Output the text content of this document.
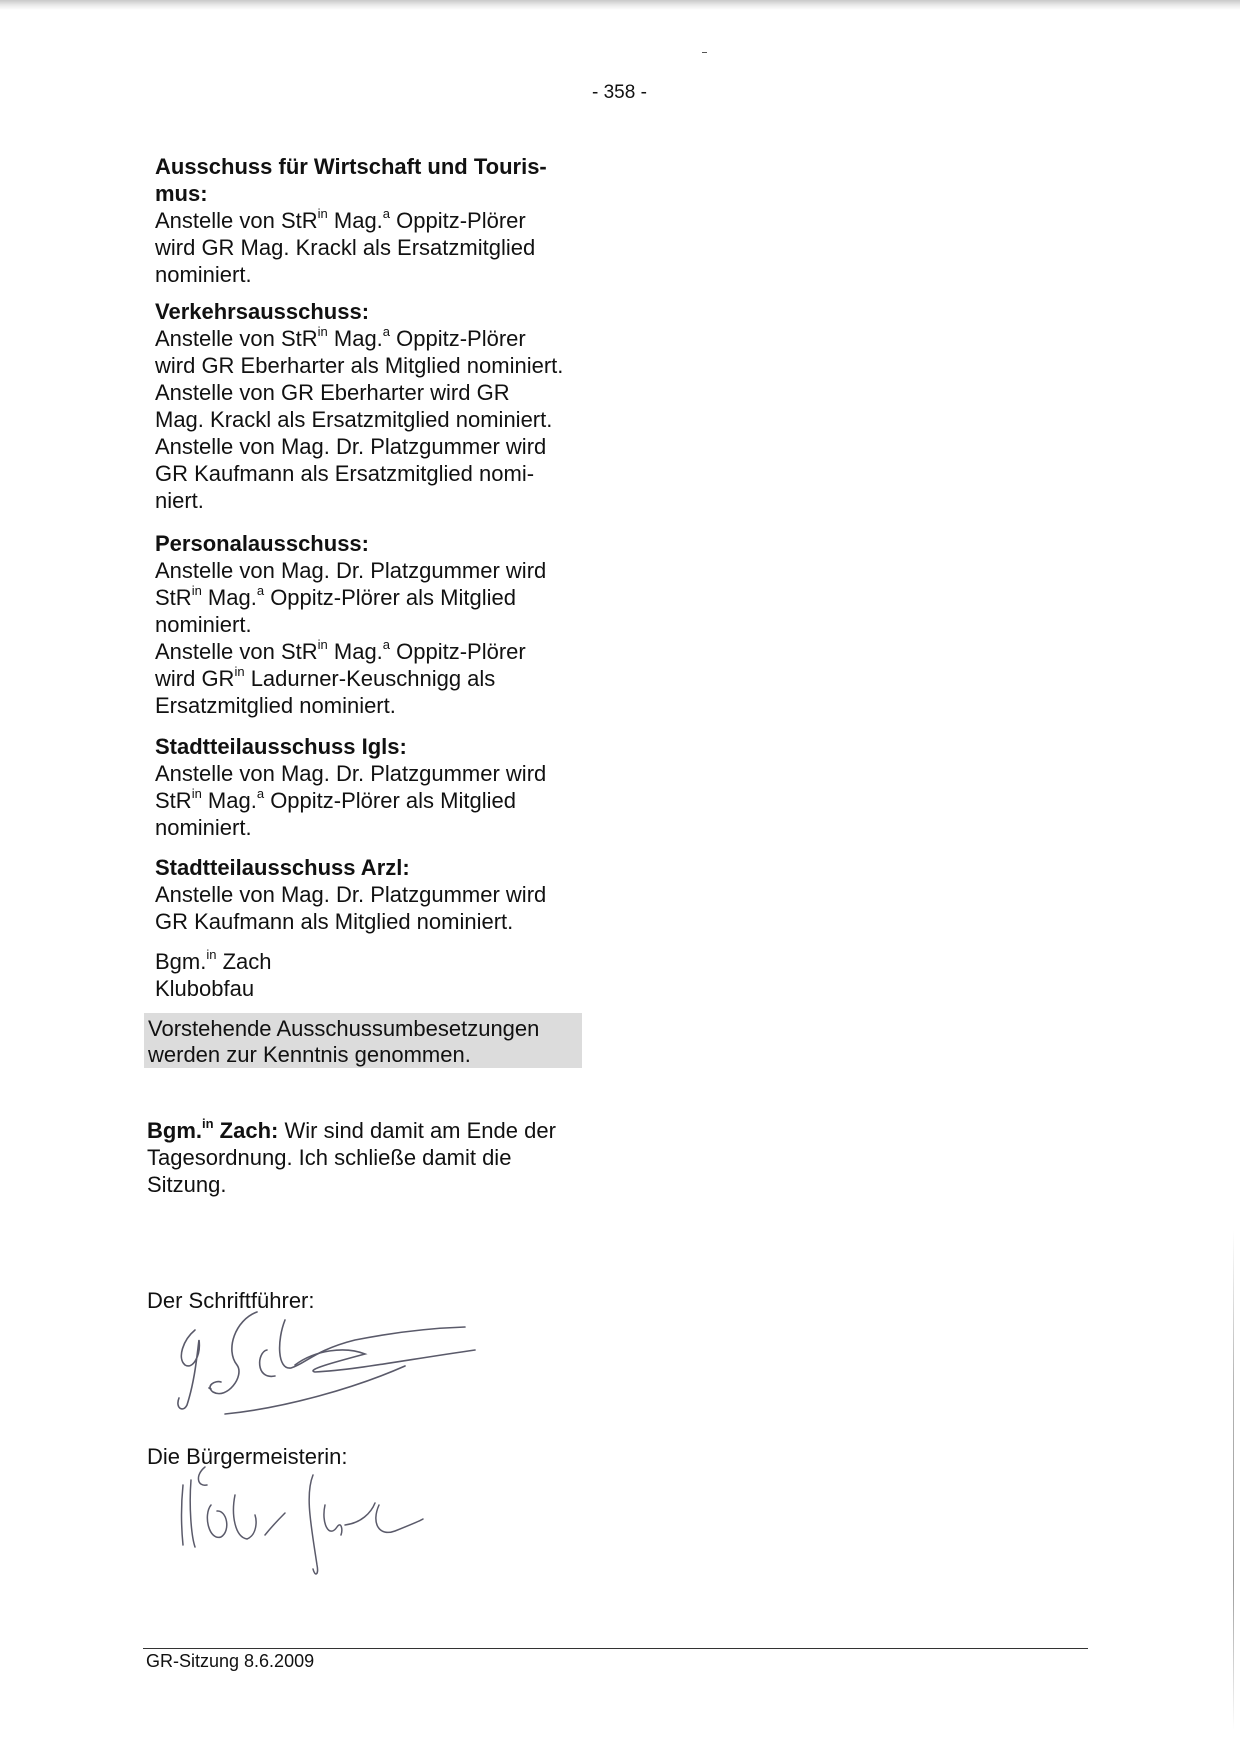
- 358 -

Ausschuss für Wirtschaft und Touris-
mus:

Anstelle von StR$^{in}$ Mag.$^a$ Oppitz-Plörer

wird GR Mag. Krackl als Ersatzmitglied

nominiert.

Verkehrsausschuss:

Anstelle von StR$^{in}$ Mag.$^a$ Oppitz-Plörer

wird GR Eberharter als Mitglied nominiert.

Anstelle von GR Eberharter wird GR

Mag. Krackl als Ersatzmitglied nominiert.

Anstelle von Mag. Dr. Platzgummer wird

GR Kaufmann als Ersatzmitglied nomi-

niert.

Personalausschuss:

Anstelle von Mag. Dr. Platzgummer wird

StR$^{in}$ Mag.$^a$ Oppitz-Plörer als Mitglied

nominiert.

Anstelle von StR$^{in}$ Mag.$^a$ Oppitz-Plörer

wird $GR^{in}$ Ladurner-Keuschnigg als

Ersatzmitglied nominiert.

Stadtteilausschuss Igls:

Anstelle von Mag. Dr. Platzgummer wird

StR$^{in}$ Mag.$^a$ Oppitz-Plörer als Mitglied

nominiert.

Stadtteilausschuss Arzl:

Anstelle von Mag. Dr. Platzgummer wird

GR Kaufmann als Mitglied nominiert.

Bgm.$^{in}$ Zach

Klubobfau

Vorstehende Ausschussumbesetzungen
werden zur Kenntnis genommen.

Bgm.$^{in}$ Zach: Wir sind damit am Ende der

Tagesordnung. Ich schließe damit die

Sitzung.

Der Schriftführer:
Die Bürgermeisterin:
GR-Sitzung 8.6.2009
